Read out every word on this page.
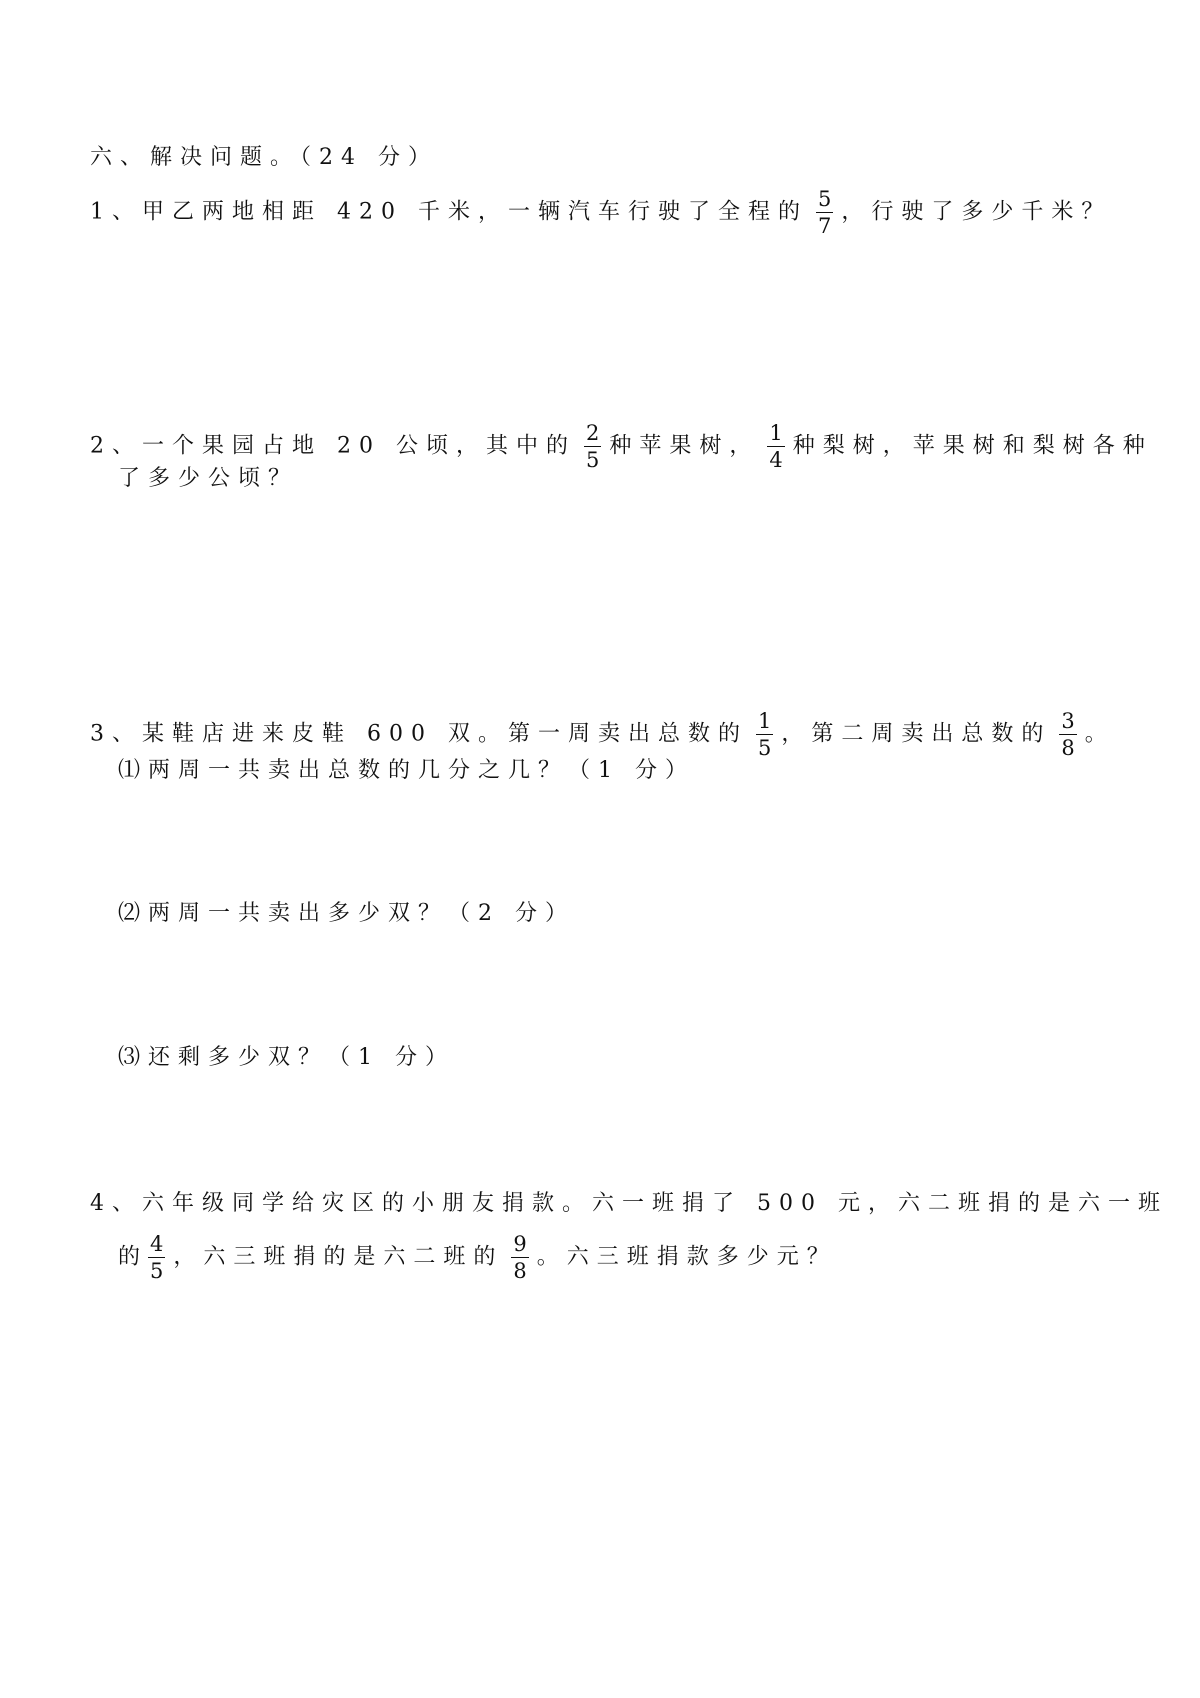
六、解决问题。（24 分）
1、甲乙两地相距 420 千米，一辆汽车行驶了全程的 $\frac{5}{7}$ ，行驶了多少千米？
2、一个果园占地 20 公顷，其中的 $\frac{2}{5}$ 种苹果树， $\frac{1}{4}$ 种梨树，苹果树和梨树各种
了多少公顷？
3、某鞋店进来皮鞋 600 双。第一周卖出总数的 $\frac{1}{5}$ ，第二周卖出总数的 $\frac{3}{8}$ 。
⑴两周一共卖出总数的几分之几？（1 分）
⑵两周一共卖出多少双？（2 分）
⑶还剩多少双？（1 分）
4、六年级同学给灾区的小朋友捐款。六一班捐了 500 元，六二班捐的是六一班
的 $\frac{4}{5}$ ，六三班捐的是六二班的 $\frac{9}{8}$ 。六三班捐款多少元？
